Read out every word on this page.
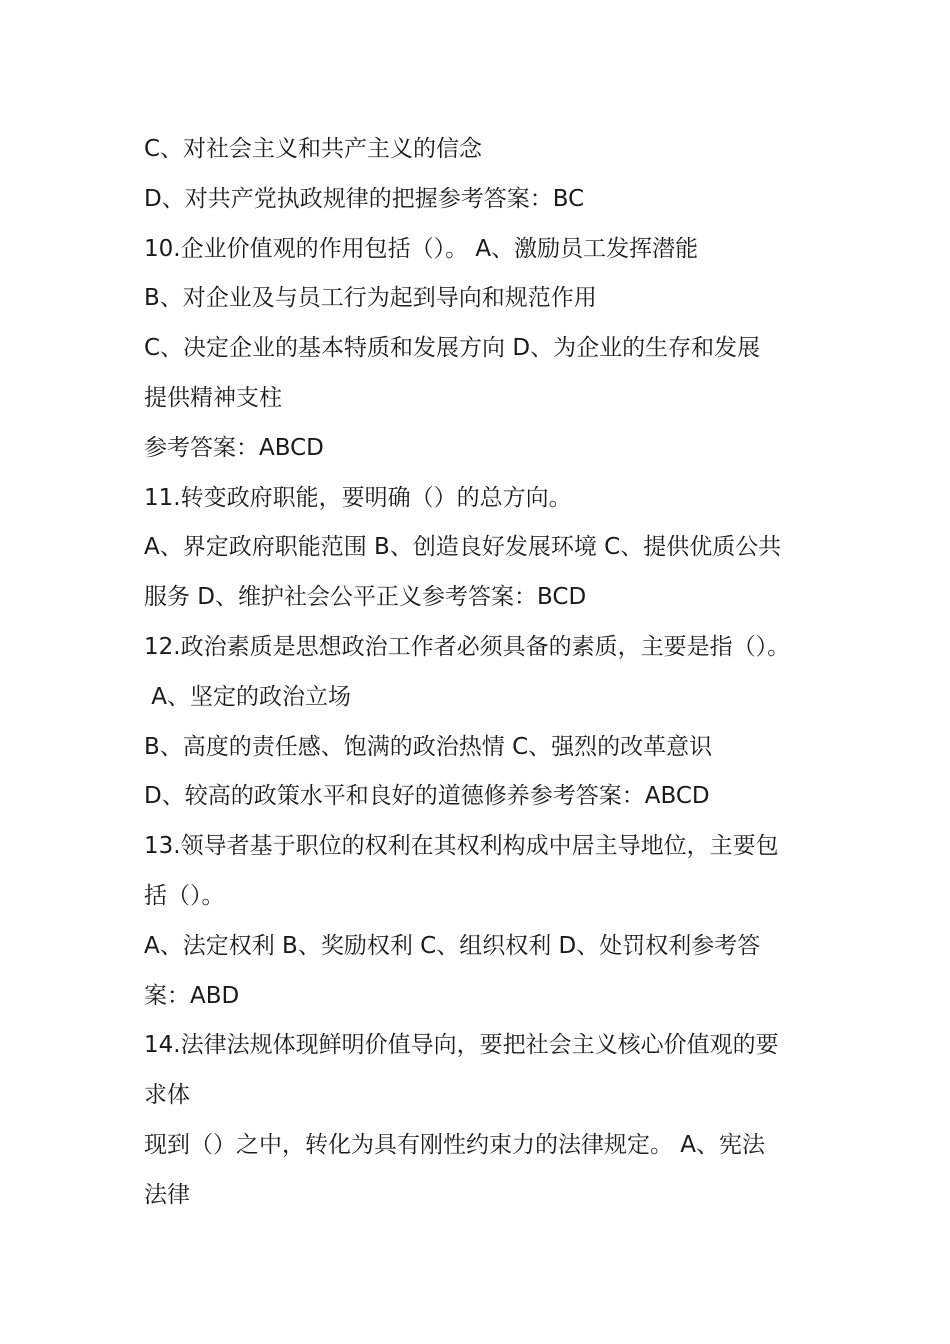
C、对社会主义和共产主义的信念
D、对共产党执政规律的把握参考答案：BC
10.企业价值观的作用包括（）。 A、激励员工发挥潜能
B、对企业及与员工行为起到导向和规范作用
C、决定企业的基本特质和发展方向 D、为企业的生存和发展
提供精神支柱
参考答案：ABCD
11.转变政府职能，要明确（）的总方向。
A、界定政府职能范围 B、创造良好发展环境 C、提供优质公共
服务 D、维护社会公平正义参考答案：BCD
12.政治素质是思想政治工作者必须具备的素质，主要是指（）。
A、坚定的政治立场
B、高度的责任感、饱满的政治热情 C、强烈的改革意识
D、较高的政策水平和良好的道德修养参考答案：ABCD
13.领导者基于职位的权利在其权利构成中居主导地位，主要包
括（）。
A、法定权利 B、奖励权利 C、组织权利 D、处罚权利参考答
案：ABD
14.法律法规体现鲜明价值导向，要把社会主义核心价值观的要
求体
现到（）之中，转化为具有刚性约束力的法律规定。 A、宪法
法律
